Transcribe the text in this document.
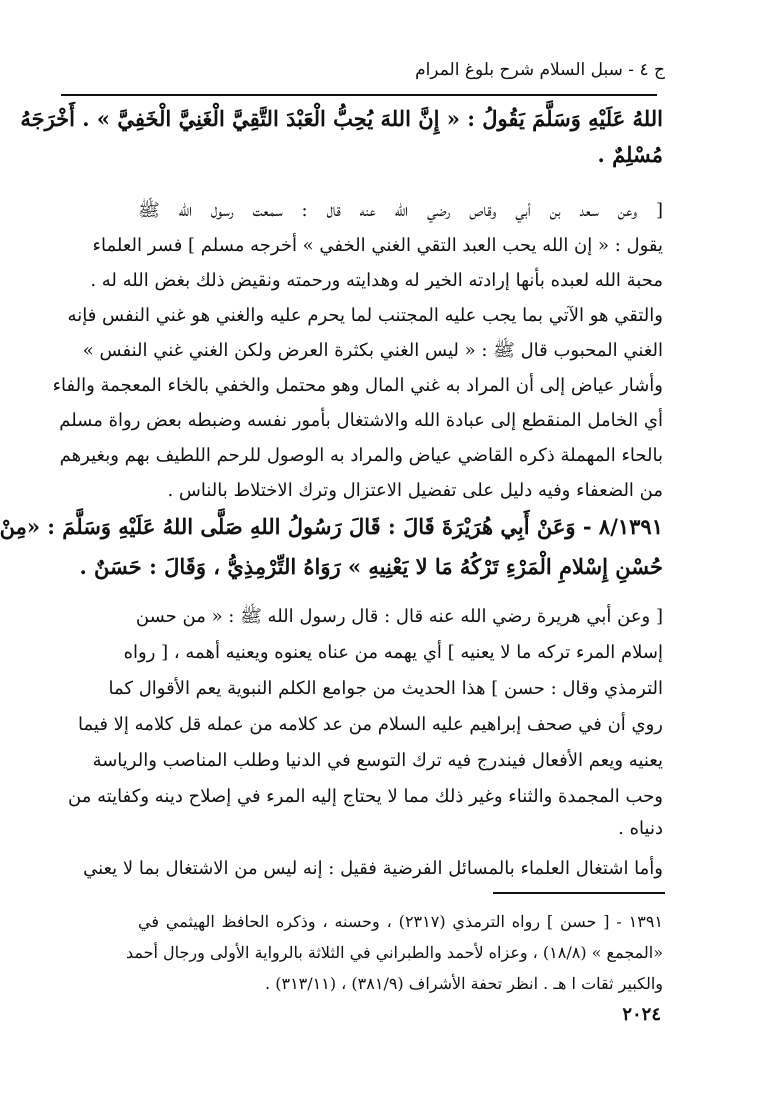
ج ٤ - سبل السلام شرح بلوغ المرام
اللهُ عَلَيْهِ وَسَلَّمَ يَقُولُ : « إِنَّ اللهَ يُحِبُّ الْعَبْدَ التَّقِيَّ الْغَنِيَّ الْخَفِيَّ » . أَخْرَجَهُ
مُسْلِمٌ .
[ وعن سعد بن أبي وقاص رضي الله عنه قال : سمعت رسول الله ﷺ
يقول : « إن الله يحب العبد التقي الغني الخفي » أخرجه مسلم ] فسر العلماء
محبة الله لعبده بأنها إرادته الخير له وهدايته ورحمته ونقيض ذلك بغض الله له .
والتقي هو الآتي بما يجب عليه المجتنب لما يحرم عليه والغني هو غني النفس فإنه
الغني المحبوب قال ﷺ : « ليس الغني بكثرة العرض ولكن الغني غني النفس »
وأشار عياض إلى أن المراد به غني المال وهو محتمل والخفي بالخاء المعجمة والفاء
أي الخامل المنقطع إلى عبادة الله والاشتغال بأمور نفسه وضبطه بعض رواة مسلم
بالحاء المهملة ذكره القاضي عياض والمراد به الوصول للرحم اللطيف بهم وبغيرهم
من الضعفاء وفيه دليل على تفضيل الاعتزال وترك الاختلاط بالناس .
٨/١٣٩١ - وَعَنْ أَبِي هُرَيْرَةَ قَالَ : قَالَ رَسُولُ اللهِ صَلَّى اللهُ عَلَيْهِ وَسَلَّمَ : «مِنْ
حُسْنِ إِسْلامِ الْمَرْءِ تَرْكُهُ مَا لا يَعْنِيهِ » رَوَاهُ التِّرْمِذِيُّ ، وَقَالَ : حَسَنٌ .
[ وعن أبي هريرة رضي الله عنه قال : قال رسول الله ﷺ : « من حسن
إسلام المرء تركه ما لا يعنيه ] أي يهمه من عناه يعنوه ويعنيه أهمه ، [ رواه
الترمذي وقال : حسن ] هذا الحديث من جوامع الكلم النبوية يعم الأقوال كما
روي أن في صحف إبراهيم عليه السلام من عد كلامه من عمله قل كلامه إلا فيما
يعنيه ويعم الأفعال فيندرج فيه ترك التوسع في الدنيا وطلب المناصب والرياسة
وحب المجمدة والثناء وغير ذلك مما لا يحتاج إليه المرء في إصلاح دينه وكفايته من
دنياه .
وأما اشتغال العلماء بالمسائل الفرضية فقيل : إنه ليس من الاشتغال بما لا يعني
١٣٩١ - [ حسن ] رواه الترمذي (٢٣١٧) ، وحسنه ، وذكره الحافظ الهيثمي في
«المجمع » (١٨/٨) ، وعزاه لأحمد والطبراني في الثلاثة بالرواية الأولى ورجال أحمد
والكبير ثقات ا هـ . انظر تحفة الأشراف (٣٨١/٩) ، (٣١٣/١١) .
٢٠٢٤
